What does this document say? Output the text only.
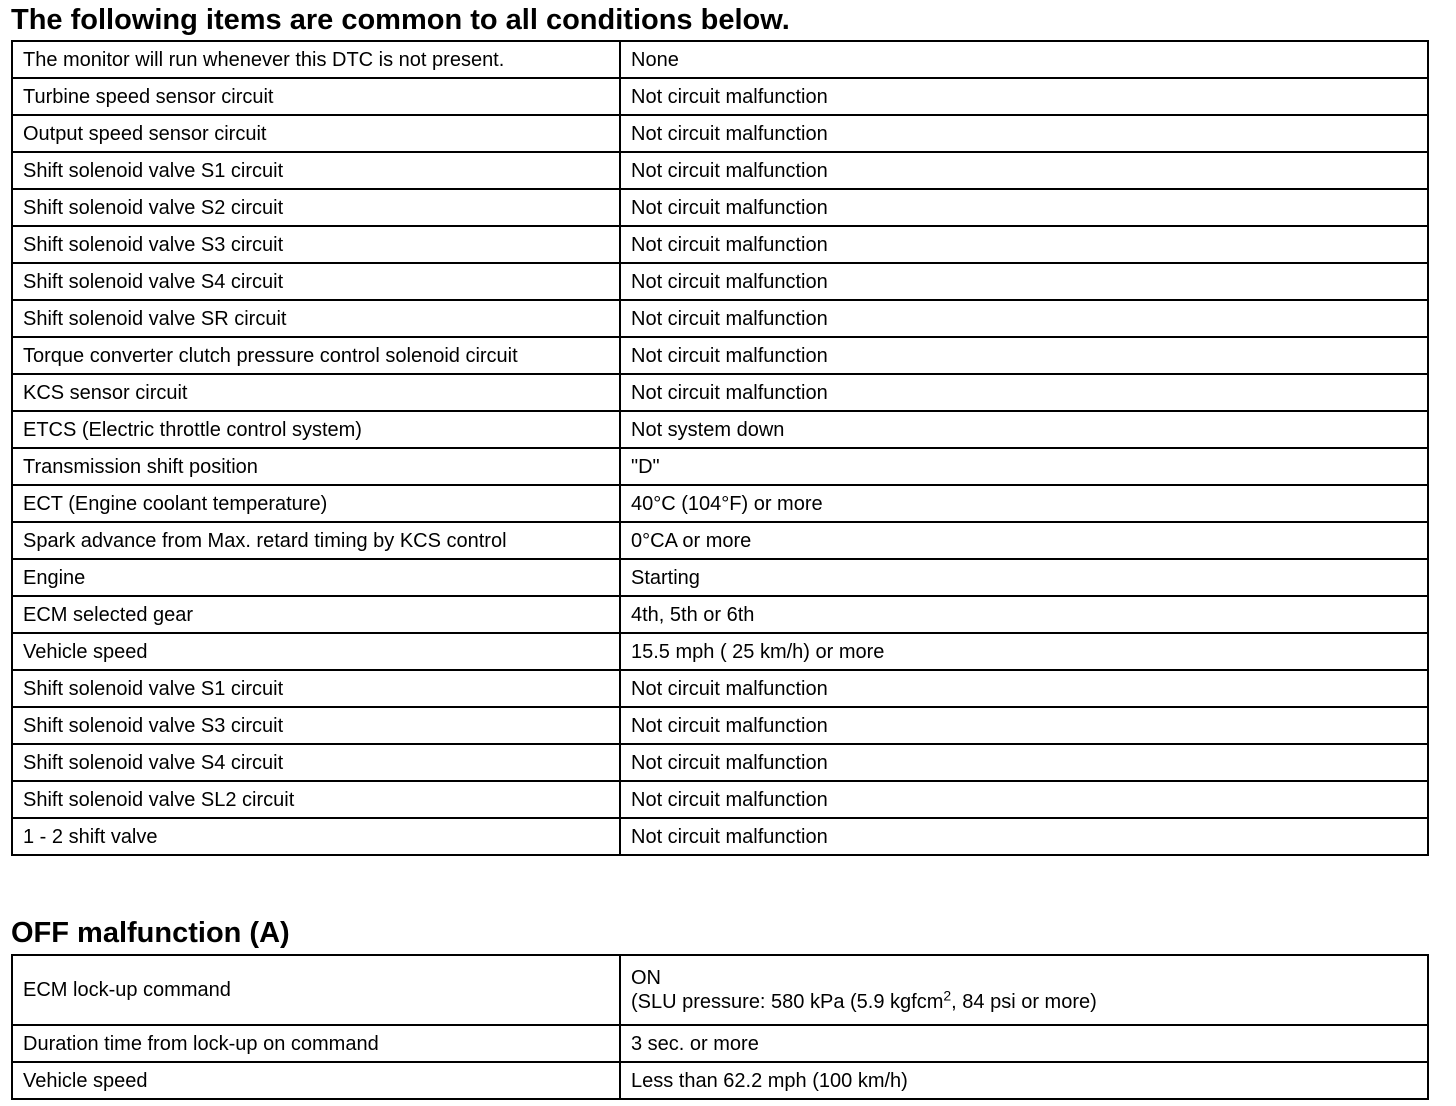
The following items are common to all conditions below.
The monitor will run whenever this DTC is not present.	None
Turbine speed sensor circuit	Not circuit malfunction
Output speed sensor circuit	Not circuit malfunction
Shift solenoid valve S1 circuit	Not circuit malfunction
Shift solenoid valve S2 circuit	Not circuit malfunction
Shift solenoid valve S3 circuit	Not circuit malfunction
Shift solenoid valve S4 circuit	Not circuit malfunction
Shift solenoid valve SR circuit	Not circuit malfunction
Torque converter clutch pressure control solenoid circuit	Not circuit malfunction
KCS sensor circuit	Not circuit malfunction
ETCS (Electric throttle control system)	Not system down
Transmission shift position	"D"
ECT (Engine coolant temperature)	40°C (104°F) or more
Spark advance from Max. retard timing by KCS control	0°CA or more
Engine	Starting
ECM selected gear	4th, 5th or 6th
Vehicle speed	15.5 mph ( 25 km/h) or more
Shift solenoid valve S1 circuit	Not circuit malfunction
Shift solenoid valve S3 circuit	Not circuit malfunction
Shift solenoid valve S4 circuit	Not circuit malfunction
Shift solenoid valve SL2 circuit	Not circuit malfunction
1 - 2 shift valve	Not circuit malfunction
OFF malfunction (A)
ECM lock-up command	ON
(SLU pressure: 580 kPa (5.9 kgfcm$^2$, 84 psi or more)

Duration time from lock-up on command	3 sec. or more
Vehicle speed	Less than 62.2 mph (100 km/h)
